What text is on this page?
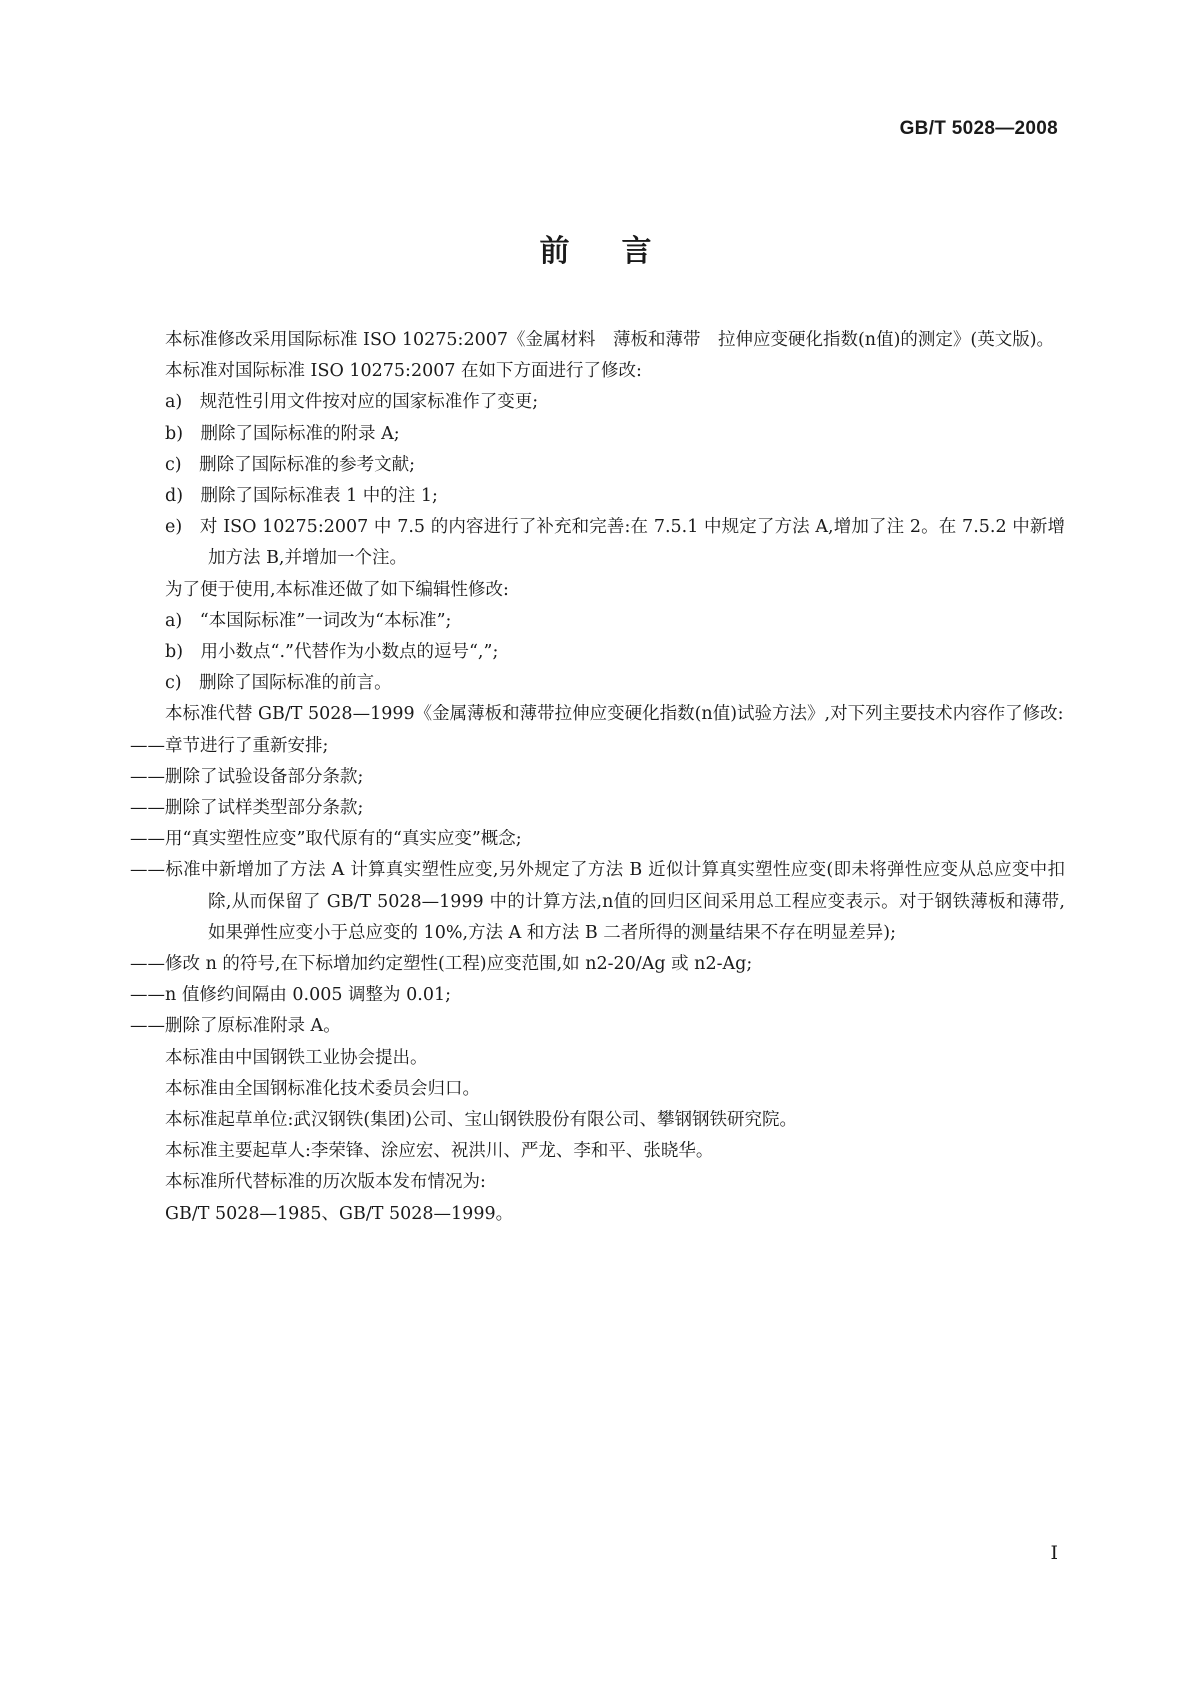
GB/T 5028—2008
前言

本标准修改采用国际标准 ISO 10275:2007《金属材料　薄板和薄带　拉伸应变硬化指数(n值)的测定》(英文版)。

本标准对国际标准 ISO 10275:2007 在如下方面进行了修改:

a)　规范性引用文件按对应的国家标准作了变更;

b)　删除了国际标准的附录 A;

c)　删除了国际标准的参考文献;

d)　删除了国际标准表 1 中的注 1;

e)　对 ISO 10275:2007 中 7.5 的内容进行了补充和完善:在 7.5.1 中规定了方法 A,增加了注 2。在 7.5.2 中新增加方法 B,并增加一个注。

为了便于使用,本标准还做了如下编辑性修改:

a)　“本国际标准”一词改为“本标准”;

b)　用小数点“.”代替作为小数点的逗号“,”;

c)　删除了国际标准的前言。

本标准代替 GB/T 5028—1999《金属薄板和薄带拉伸应变硬化指数(n值)试验方法》,对下列主要技术内容作了修改:

——章节进行了重新安排;

——删除了试验设备部分条款;

——删除了试样类型部分条款;

——用“真实塑性应变”取代原有的“真实应变”概念;

——标准中新增加了方法 A 计算真实塑性应变,另外规定了方法 B 近似计算真实塑性应变(即未将弹性应变从总应变中扣除,从而保留了 GB/T 5028—1999 中的计算方法,n值的回归区间采用总工程应变表示。对于钢铁薄板和薄带,如果弹性应变小于总应变的 10%,方法 A 和方法 B 二者所得的测量结果不存在明显差异);

——修改 n 的符号,在下标增加约定塑性(工程)应变范围,如 n2-20/Ag 或 n2-Ag;

——n 值修约间隔由 0.005 调整为 0.01;

——删除了原标准附录 A。

本标准由中国钢铁工业协会提出。

本标准由全国钢标准化技术委员会归口。

本标准起草单位:武汉钢铁(集团)公司、宝山钢铁股份有限公司、攀钢钢铁研究院。

本标准主要起草人:李荣锋、涂应宏、祝洪川、严龙、李和平、张晓华。

本标准所代替标准的历次版本发布情况为:

GB/T 5028—1985、GB/T 5028—1999。

I
